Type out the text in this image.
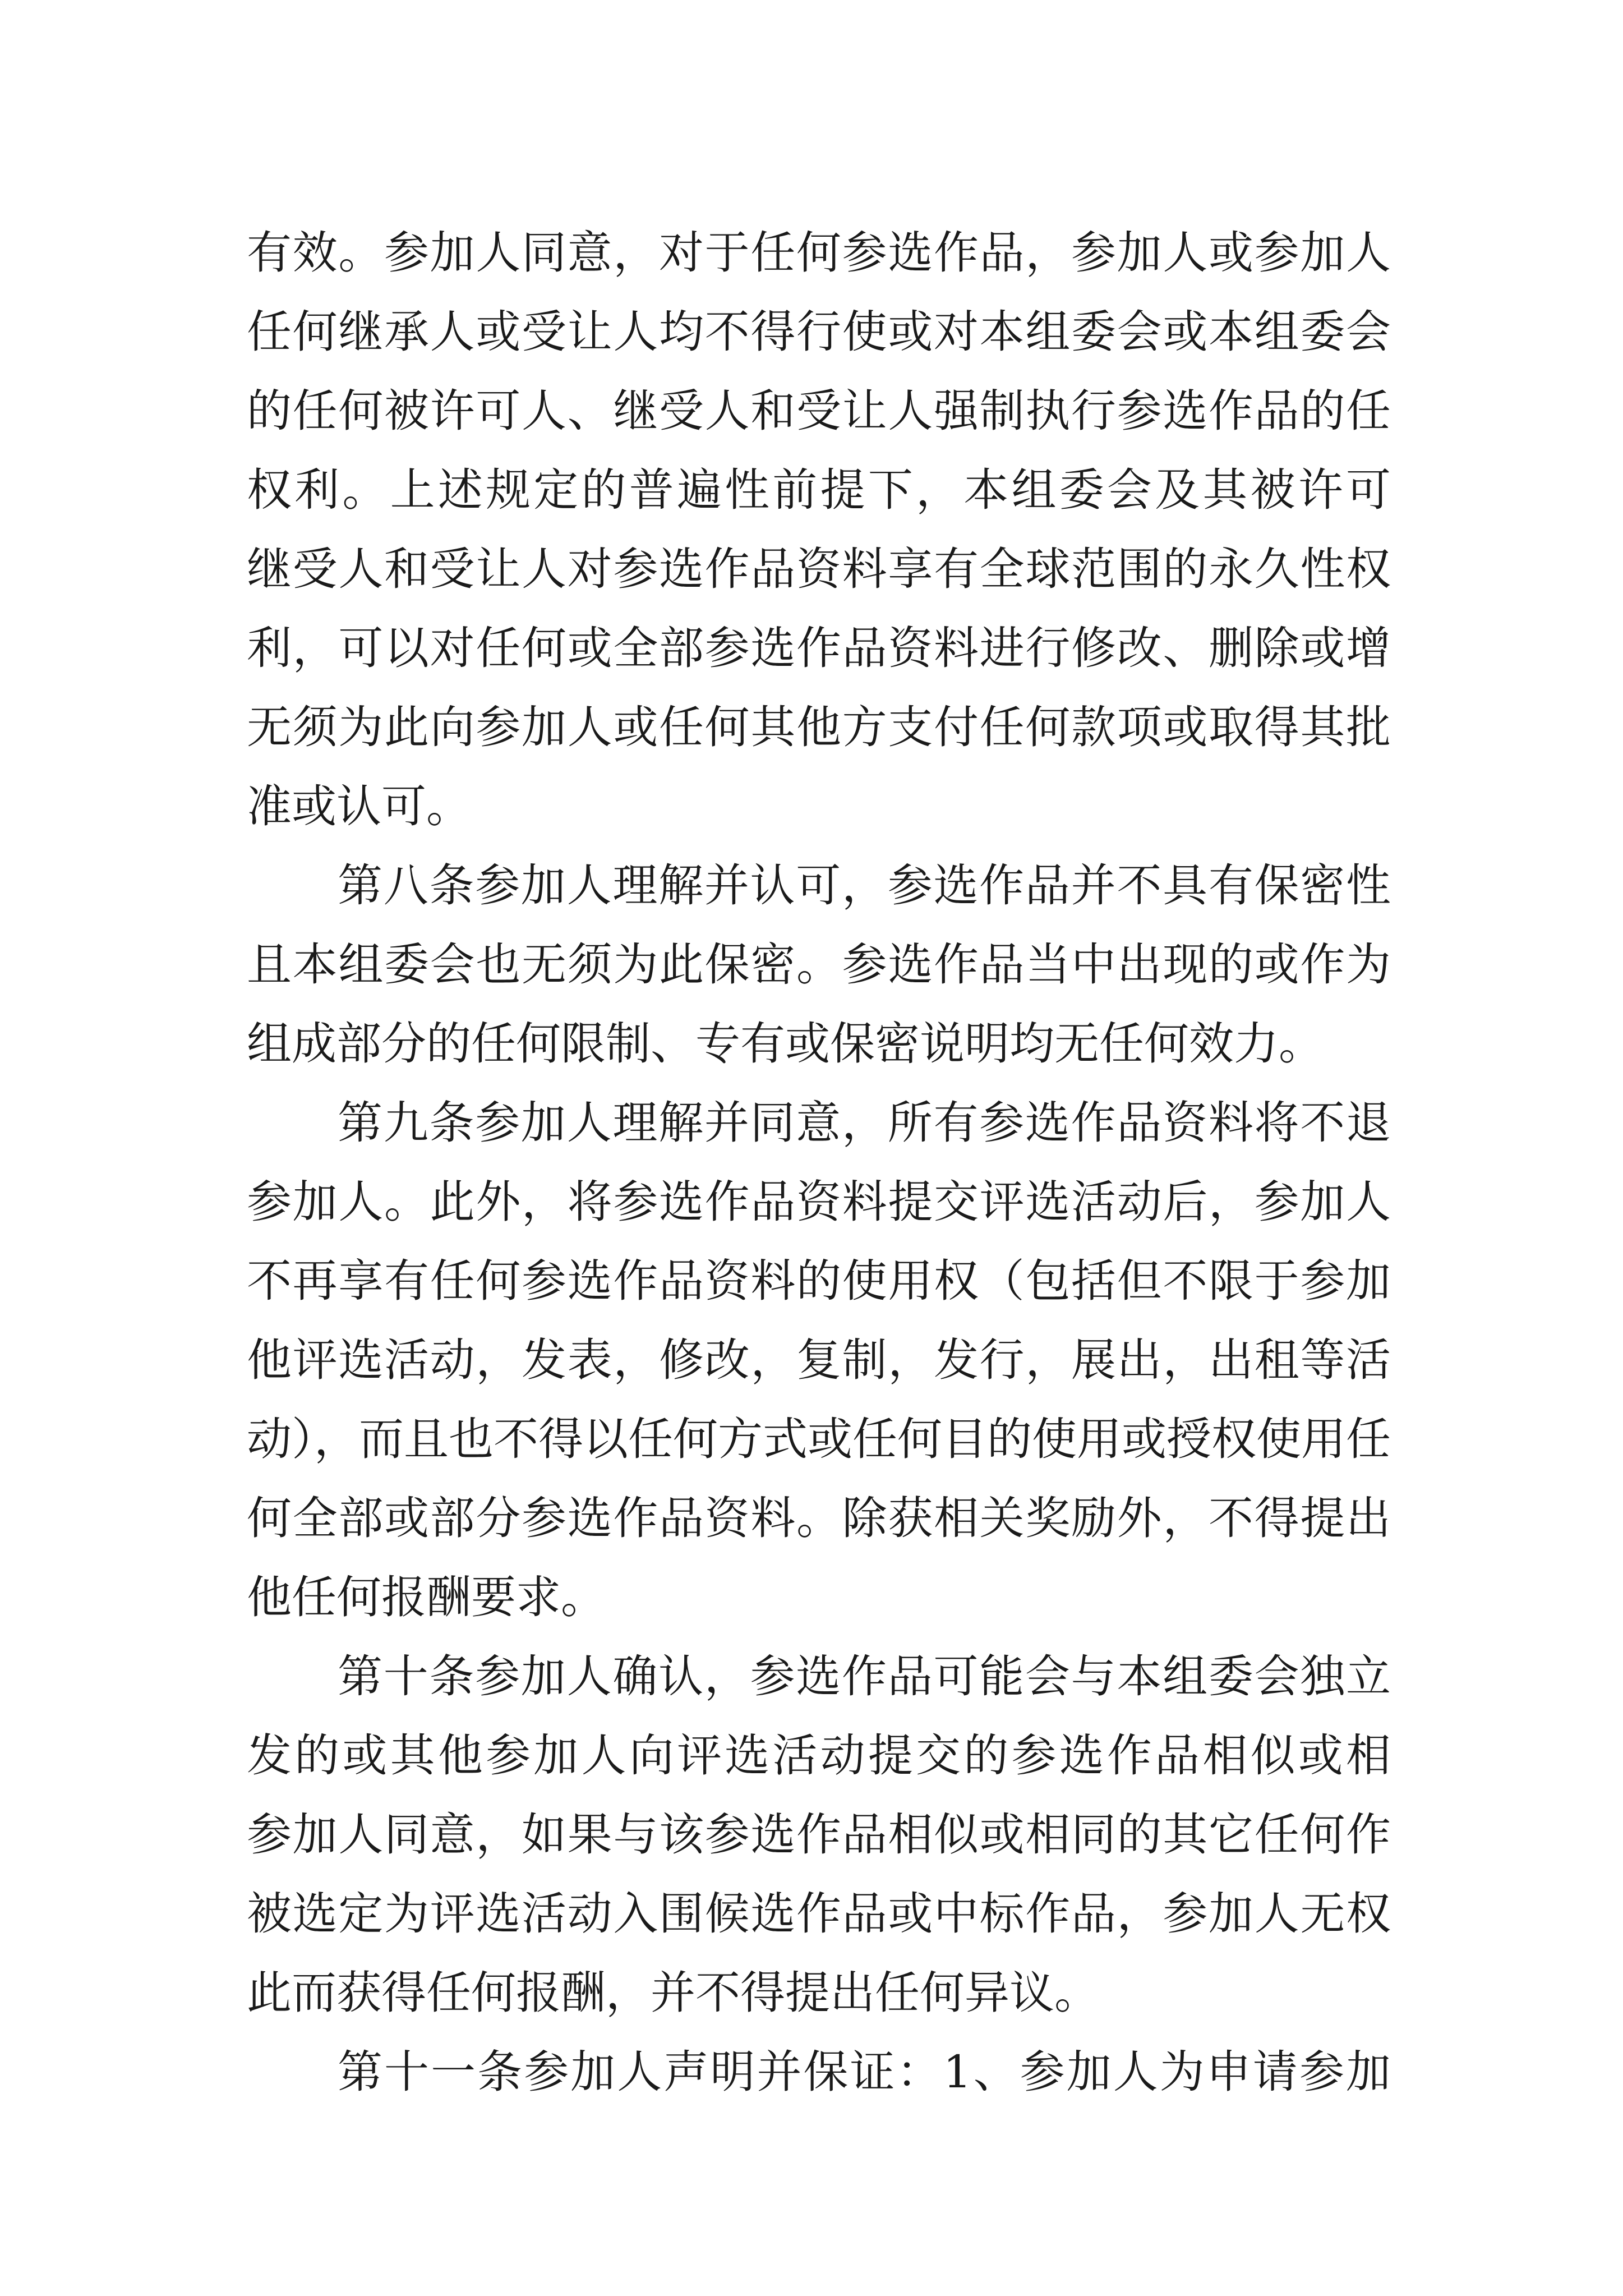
有效。参加人同意，对于任何参选作品，参加人或参加人
任何继承人或受让人均不得行使或对本组委会或本组委会
的任何被许可人、继受人和受让人强制执行参选作品的任
权利。上述规定的普遍性前提下，本组委会及其被许可
继受人和受让人对参选作品资料享有全球范围的永久性权
利，可以对任何或全部参选作品资料进行修改、删除或增
无须为此向参加人或任何其他方支付任何款项或取得其批
准或认可。
第八条参加人理解并认可，参选作品并不具有保密性
且本组委会也无须为此保密。参选作品当中出现的或作为
组成部分的任何限制、专有或保密说明均无任何效力。
第九条参加人理解并同意，所有参选作品资料将不退
参加人。此外，将参选作品资料提交评选活动后，参加人
不再享有任何参选作品资料的使用权（包括但不限于参加
他评选活动，发表，修改，复制，发行，展出，出租等活
动），而且也不得以任何方式或任何目的使用或授权使用任
何全部或部分参选作品资料。除获相关奖励外，不得提出
他任何报酬要求。
第十条参加人确认，参选作品可能会与本组委会独立
发的或其他参加人向评选活动提交的参选作品相似或相
参加人同意，如果与该参选作品相似或相同的其它任何作
被选定为评选活动入围候选作品或中标作品，参加人无权
此而获得任何报酬，并不得提出任何异议。
第十一条参加人声明并保证：1、参加人为申请参加
